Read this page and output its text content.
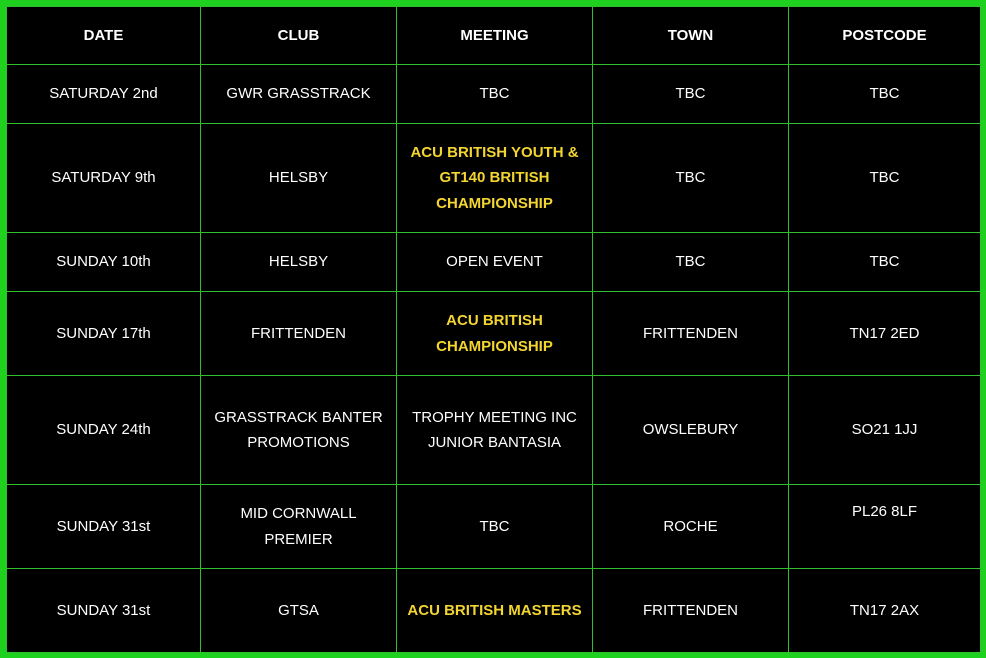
DATE	CLUB	MEETING	TOWN	POSTCODE
SATURDAY 2nd	GWR GRASSTRACK	TBC	TBC	TBC
SATURDAY 9th	HELSBY	ACU BRITISH YOUTH & GT140 BRITISH CHAMPIONSHIP	TBC	TBC
SUNDAY 10th	HELSBY	OPEN EVENT	TBC	TBC
SUNDAY 17th	FRITTENDEN	ACU BRITISH CHAMPIONSHIP	FRITTENDEN	TN17 2ED
SUNDAY 24th	GRASSTRACK BANTER PROMOTIONS	TROPHY MEETING INC JUNIOR BANTASIA	OWSLEBURY	SO21 1JJ
SUNDAY 31st	MID CORNWALL PREMIER	TBC	ROCHE	PL26 8LF
SUNDAY 31st	GTSA	ACU BRITISH MASTERS	FRITTENDEN	TN17 2AX
